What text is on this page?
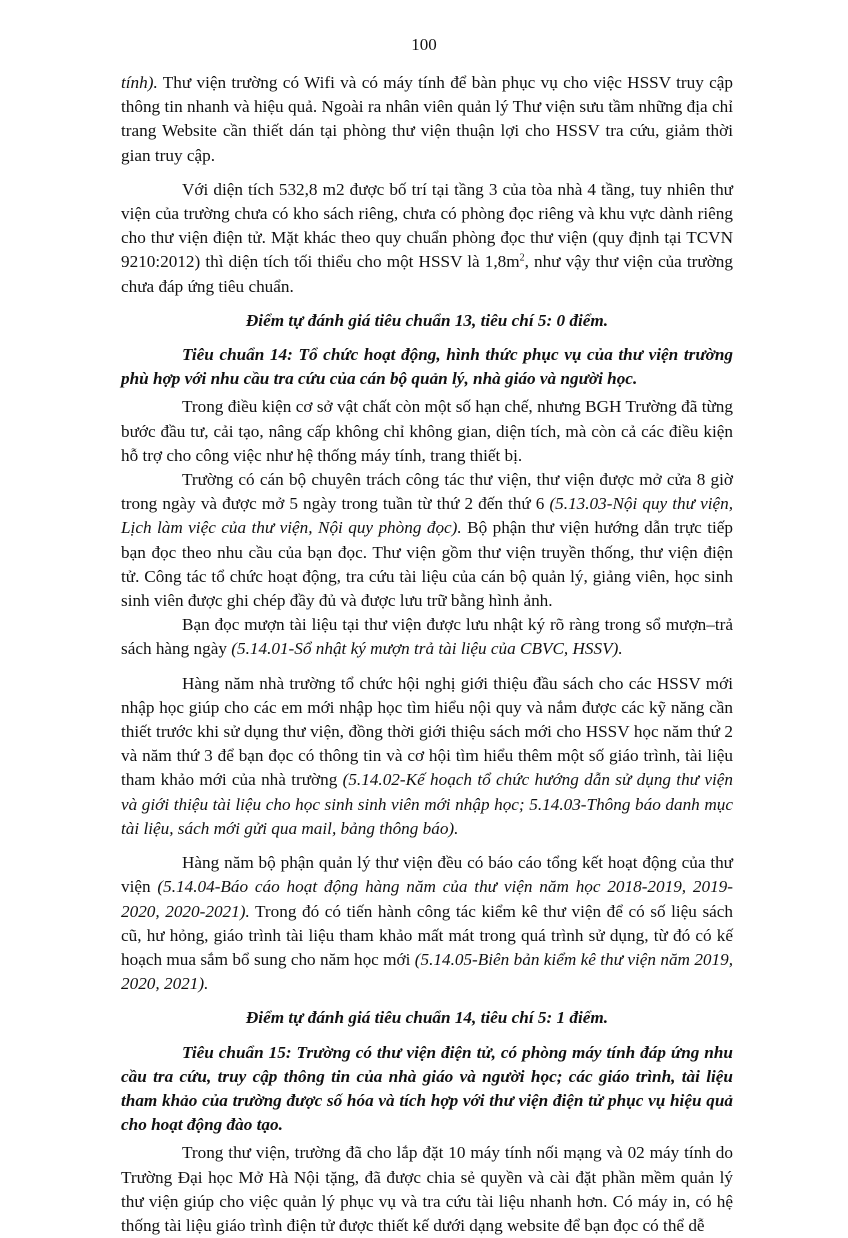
100

tính). Thư viện trường có Wifi và có máy tính để bàn phục vụ cho việc HSSV truy cập thông tin nhanh và hiệu quả. Ngoài ra nhân viên quản lý Thư viện sưu tầm những địa chỉ trang Website cần thiết dán tại phòng thư viện thuận lợi cho HSSV tra cứu, giảm thời gian truy cập.

Với diện tích 532,8 m2 được bố trí tại tầng 3 của tòa nhà 4 tầng, tuy nhiên thư viện của trường chưa có kho sách riêng, chưa có phòng đọc riêng và khu vực dành riêng cho thư viện điện tử. Mặt khác theo quy chuẩn phòng đọc thư viện (quy định tại TCVN 9210:2012) thì diện tích tối thiểu cho một HSSV là $1,8m^2$, như vậy thư viện của trường chưa đáp ứng tiêu chuẩn.

Điểm tự đánh giá tiêu chuẩn 13, tiêu chí 5: 0 điểm.

Tiêu chuẩn 14: Tổ chức hoạt động, hình thức phục vụ của thư viện trường phù hợp với nhu cầu tra cứu của cán bộ quản lý, nhà giáo và người học.

Trong điều kiện cơ sở vật chất còn một số hạn chế, nhưng BGH Trường đã từng bước đầu tư, cải tạo, nâng cấp không chỉ không gian, diện tích, mà còn cả các điều kiện hỗ trợ cho công việc như hệ thống máy tính, trang thiết bị.

Trường có cán bộ chuyên trách công tác thư viện, thư viện được mở cửa 8 giờ trong ngày và được mở 5 ngày trong tuần từ thứ 2 đến thứ 6 (5.13.03-Nội quy thư viện, Lịch làm việc của thư viện, Nội quy phòng đọc). Bộ phận thư viện hướng dẫn trực tiếp bạn đọc theo nhu cầu của bạn đọc. Thư viện gồm thư viện truyền thống, thư viện điện tử. Công tác tổ chức hoạt động, tra cứu tài liệu của cán bộ quản lý, giảng viên, học sinh sinh viên được ghi chép đầy đủ và được lưu trữ bằng hình ảnh.

Bạn đọc mượn tài liệu tại thư viện được lưu nhật ký rõ ràng trong sổ mượn–trả sách hàng ngày (5.14.01-Sổ nhật ký mượn trả tài liệu của CBVC, HSSV).

Hàng năm nhà trường tổ chức hội nghị giới thiệu đầu sách cho các HSSV mới nhập học giúp cho các em mới nhập học tìm hiểu nội quy và nắm được các kỹ năng cần thiết trước khi sử dụng thư viện, đồng thời giới thiệu sách mới cho HSSV học năm thứ 2 và năm thứ 3 để bạn đọc có thông tin và cơ hội tìm hiểu thêm một số giáo trình, tài liệu tham khảo mới của nhà trường (5.14.02-Kế hoạch tổ chức hướng dẫn sử dụng thư viện và giới thiệu tài liệu cho học sinh sinh viên mới nhập học; 5.14.03-Thông báo danh mục tài liệu, sách mới gửi qua mail, bảng thông báo).

Hàng năm bộ phận quản lý thư viện đều có báo cáo tổng kết hoạt động của thư viện (5.14.04-Báo cáo hoạt động hàng năm của thư viện năm học 2018-2019, 2019-2020, 2020-2021). Trong đó có tiến hành công tác kiểm kê thư viện để có số liệu sách cũ, hư hỏng, giáo trình tài liệu tham khảo mất mát trong quá trình sử dụng, từ đó có kế hoạch mua sắm bổ sung cho năm học mới (5.14.05-Biên bản kiểm kê thư viện năm 2019, 2020, 2021).

Điểm tự đánh giá tiêu chuẩn 14, tiêu chí 5: 1 điểm.

Tiêu chuẩn 15: Trường có thư viện điện tử, có phòng máy tính đáp ứng nhu cầu tra cứu, truy cập thông tin của nhà giáo và người học; các giáo trình, tài liệu tham khảo của trường được số hóa và tích hợp với thư viện điện tử phục vụ hiệu quả cho hoạt động đào tạo.

Trong thư viện, trường đã cho lắp đặt 10 máy tính nối mạng và 02 máy tính do Trường Đại học Mở Hà Nội tặng, đã được chia sẻ quyền và cài đặt phần mềm quản lý thư viện giúp cho việc quản lý phục vụ và tra cứu tài liệu nhanh hơn. Có máy in, có hệ thống tài liệu giáo trình điện tử được thiết kế dưới dạng website để bạn đọc có thể dễ
